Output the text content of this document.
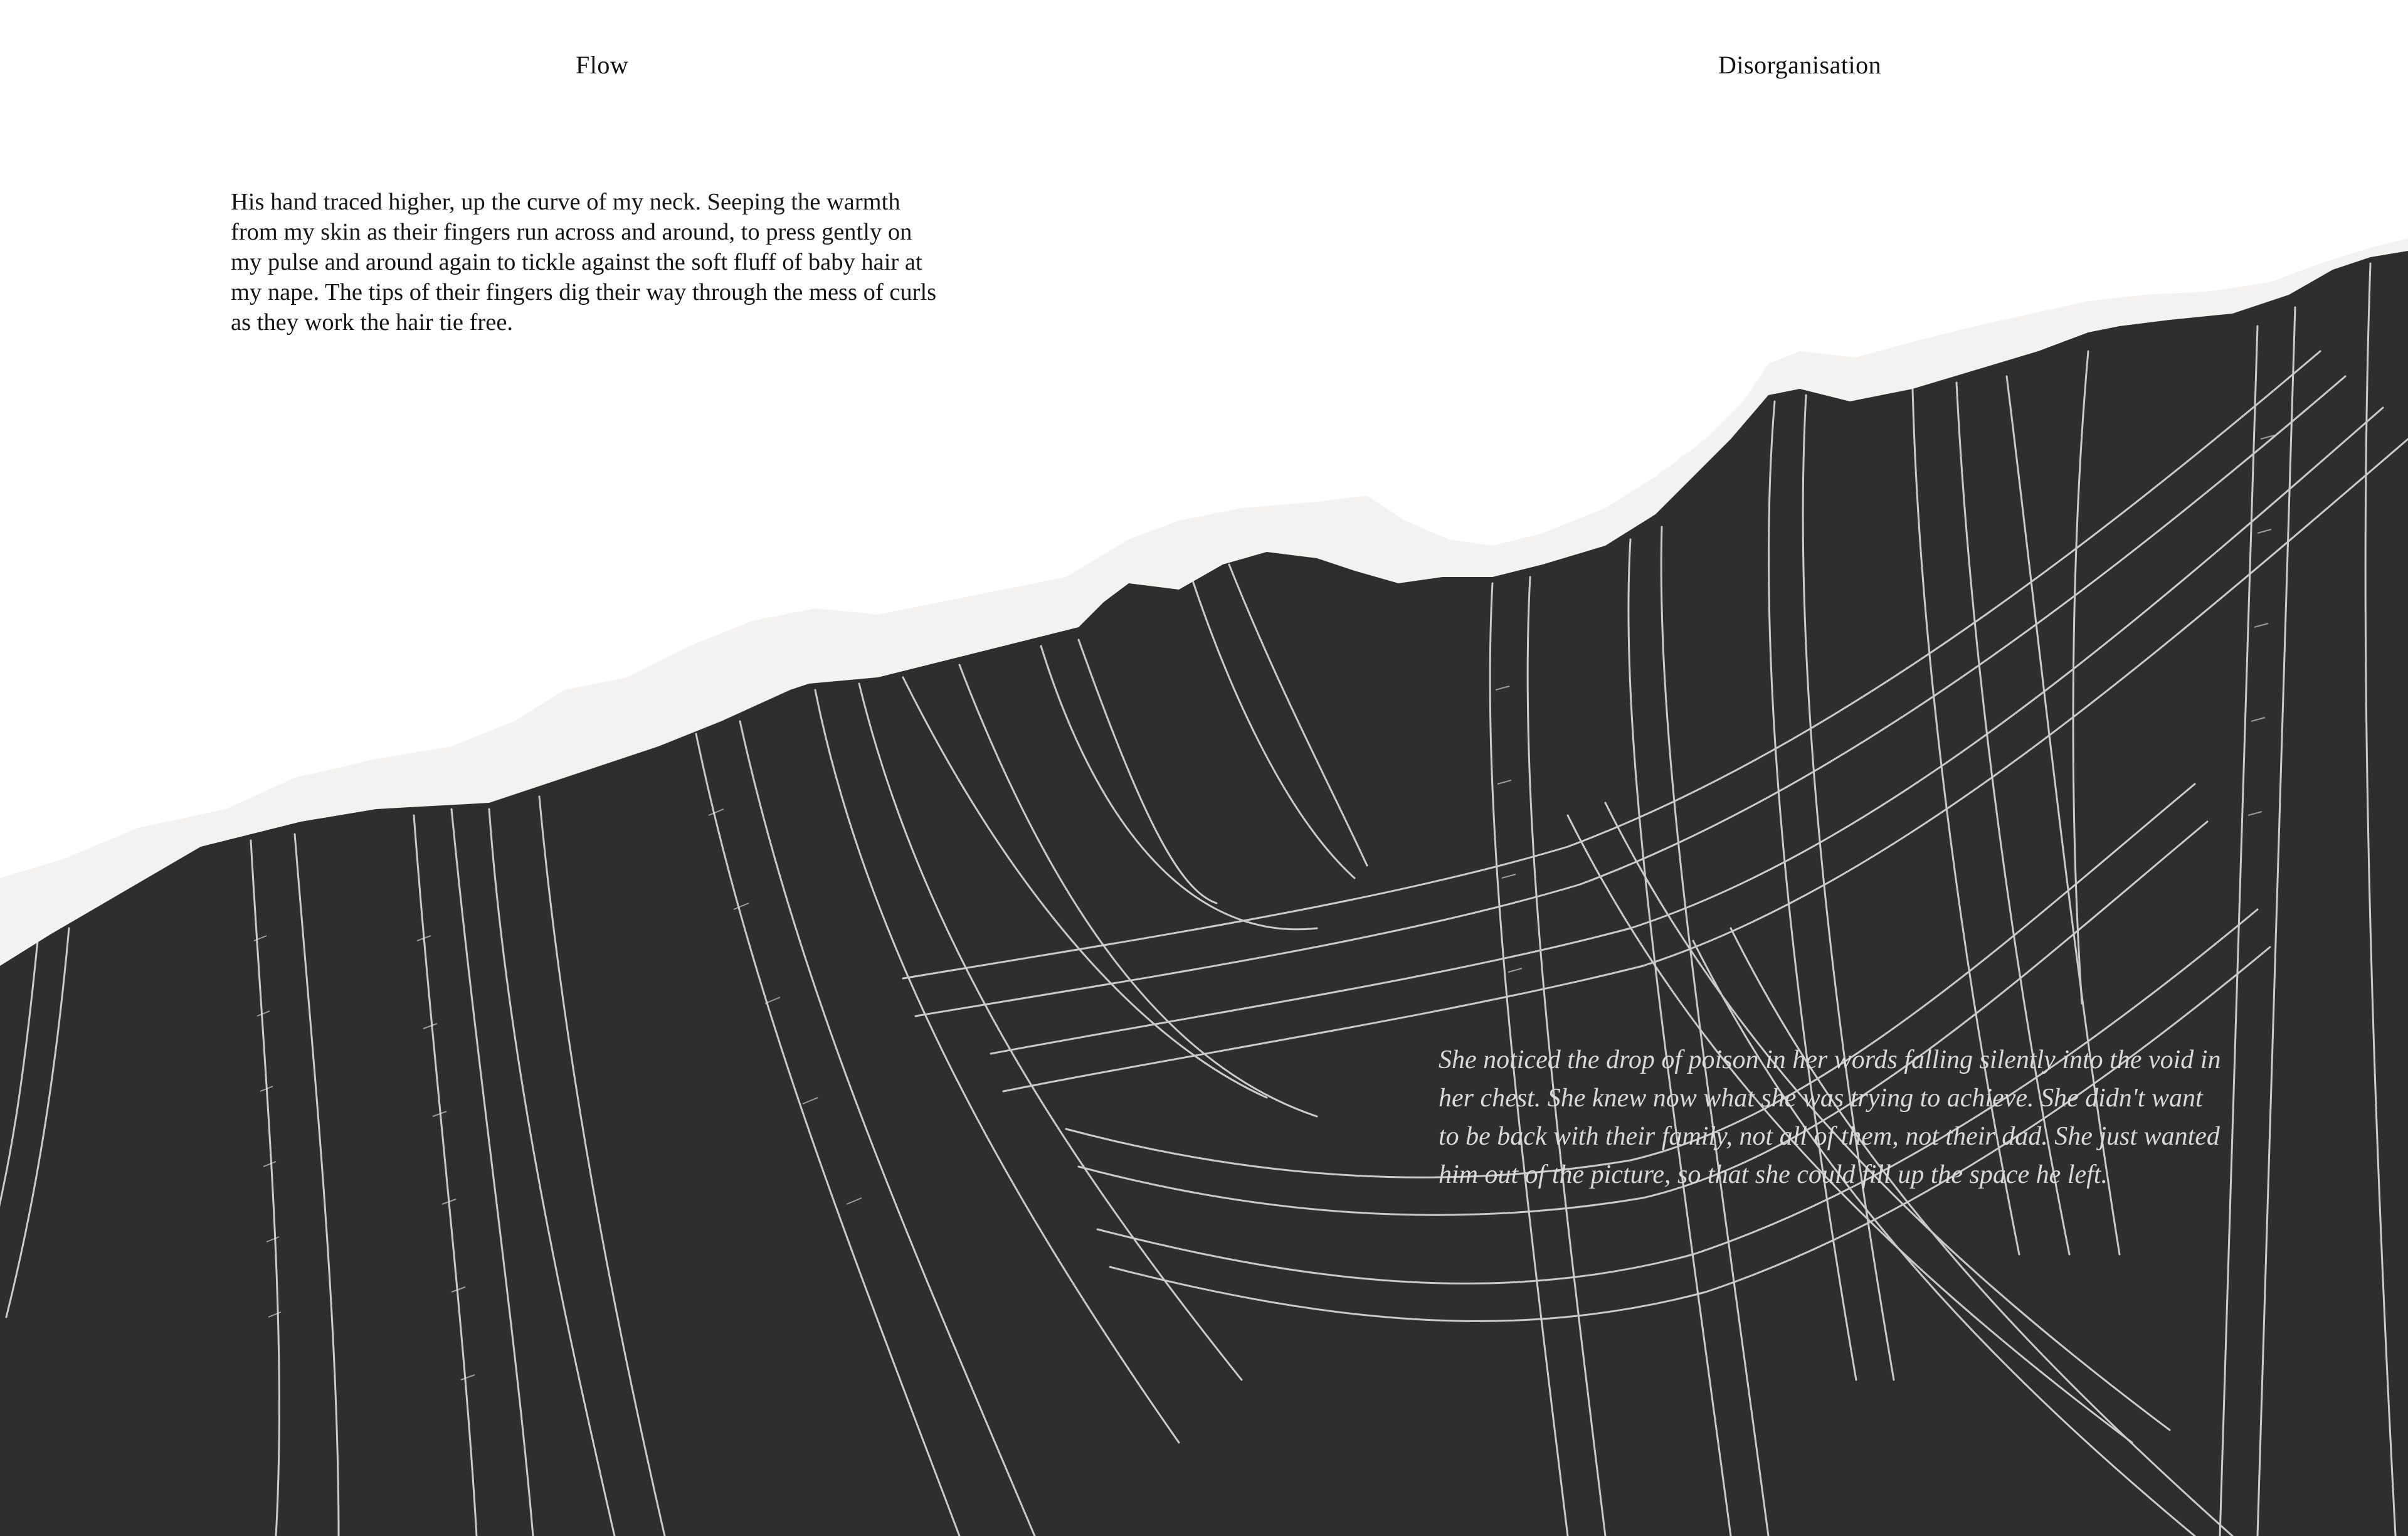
Flow	Disorganisation

His hand traced higher, up the curve of my neck. Seeping the warmth from my skin as their fingers run across and around, to press gently on my pulse and around again to tickle against the soft fluff of baby hair at my nape. The tips of their fingers dig their way through the mess of curls as they work the hair tie free.

She noticed the drop of poison in her words falling silently into the void in her chest. She knew now what she was trying to achieve. She didn't want to be back with their family, not all of them, not their dad. She just wanted him out of the picture, so that she could fill up the space he left.
